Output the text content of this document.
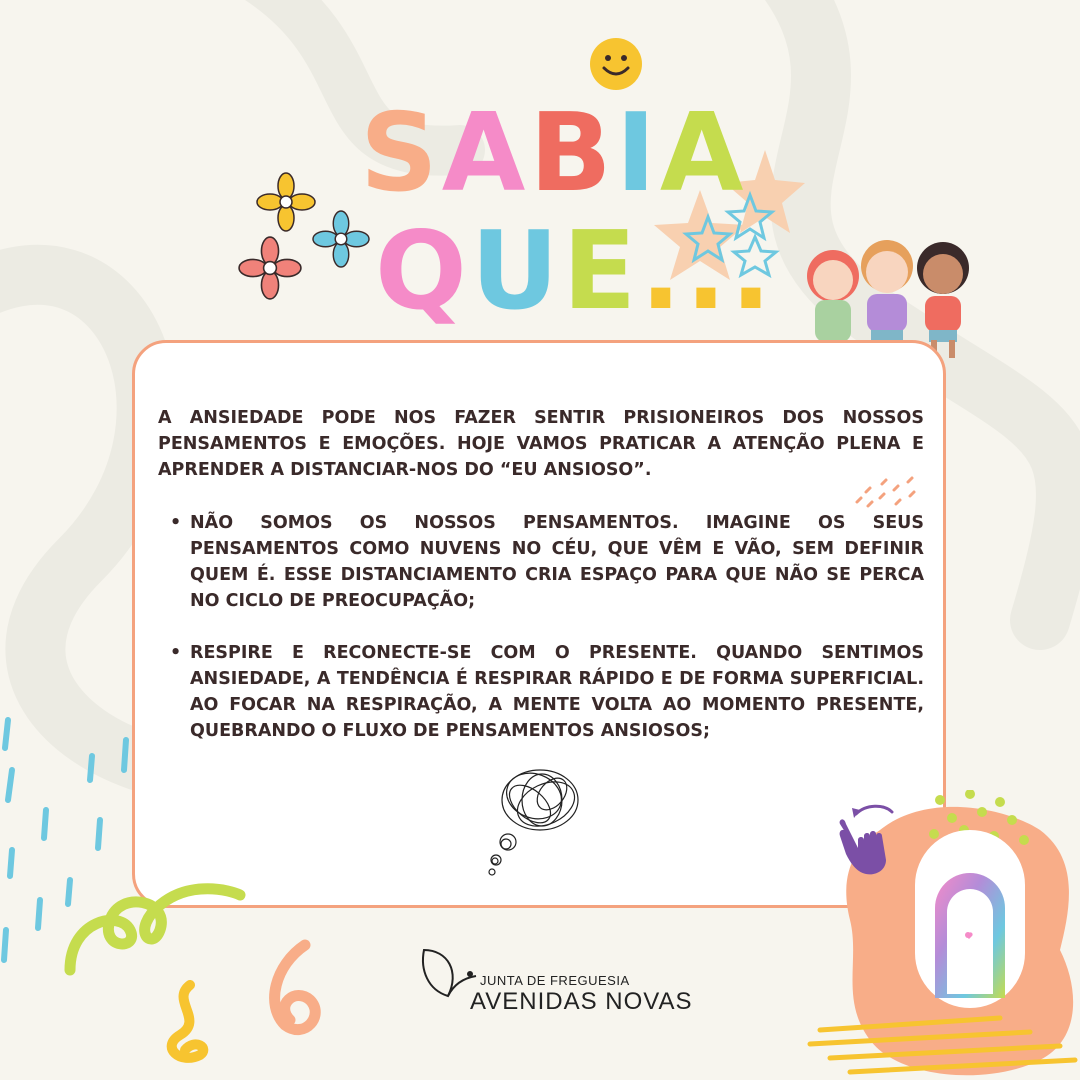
SABIA
QUE...
A ANSIEDADE PODE NOS FAZER SENTIR PRISIONEIROS DOS NOSSOS PENSAMENTOS E EMOÇÕES. HOJE VAMOS PRATICAR A ATENÇÃO PLENA E APRENDER A DISTANCIAR-NOS DO “EU ANSIOSO”.
• NÃO SOMOS OS NOSSOS PENSAMENTOS. IMAGINE OS SEUS PENSAMENTOS COMO NUVENS NO CÉU, QUE VÊM E VÃO, SEM DEFINIR QUEM É. ESSE DISTANCIAMENTO CRIA ESPAÇO PARA QUE NÃO SE PERCA NO CICLO DE PREOCUPAÇÃO;
• RESPIRE E RECONECTE-SE COM O PRESENTE. QUANDO SENTIMOS ANSIEDADE, A TENDÊNCIA É RESPIRAR RÁPIDO E DE FORMA SUPERFICIAL. AO FOCAR NA RESPIRAÇÃO, A MENTE VOLTA AO MOMENTO PRESENTE, QUEBRANDO O FLUXO DE PENSAMENTOS ANSIOSOS;
JUNTA DE FREGUESIA
AVENIDAS NOVAS
